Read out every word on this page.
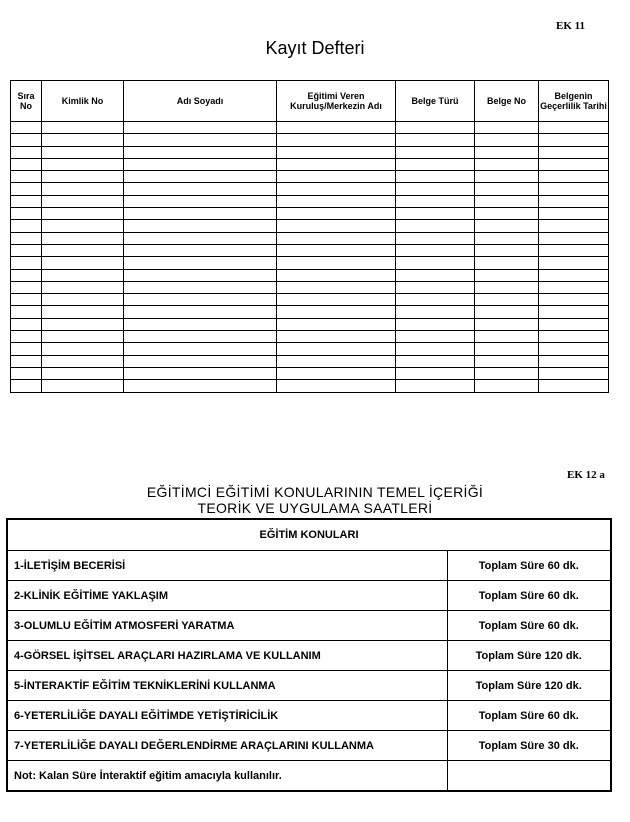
EK 11
Kayıt Defteri
Sıra No	Kimlik No	Adı Soyadı	Eğitimi Veren Kuruluş/Merkezin Adı	Belge Türü	Belge No	Belgenin Geçerlilik Tarihi

EK 12 a
EĞİTİMCİ EĞİTİMİ KONULARININ TEMEL İÇERİĞİ
TEORİK VE UYGULAMA SAATLERİ
EĞİTİM KONULARI	
1-İLETİŞİM BECERİSİ	Toplam Süre 60 dk.
2-KLİNİK EĞİTİME YAKLAŞIM	Toplam Süre 60 dk.
3-OLUMLU EĞİTİM ATMOSFERİ YARATMA	Toplam Süre 60 dk.
4-GÖRSEL İŞİTSEL ARAÇLARI HAZIRLAMA VE KULLANIM	Toplam Süre 120 dk.
5-İNTERAKTİF EĞİTİM TEKNİKLERİNİ KULLANMA	Toplam Süre 120 dk.
6-YETERLİLİĞE DAYALI EĞİTİMDE YETİŞTİRİCİLİK	Toplam Süre 60 dk.
7-YETERLİLİĞE DAYALI DEĞERLENDİRME ARAÇLARINI KULLANMA	Toplam Süre 30 dk.
Not: Kalan Süre İnteraktif eğitim amacıyla kullanılır.	
